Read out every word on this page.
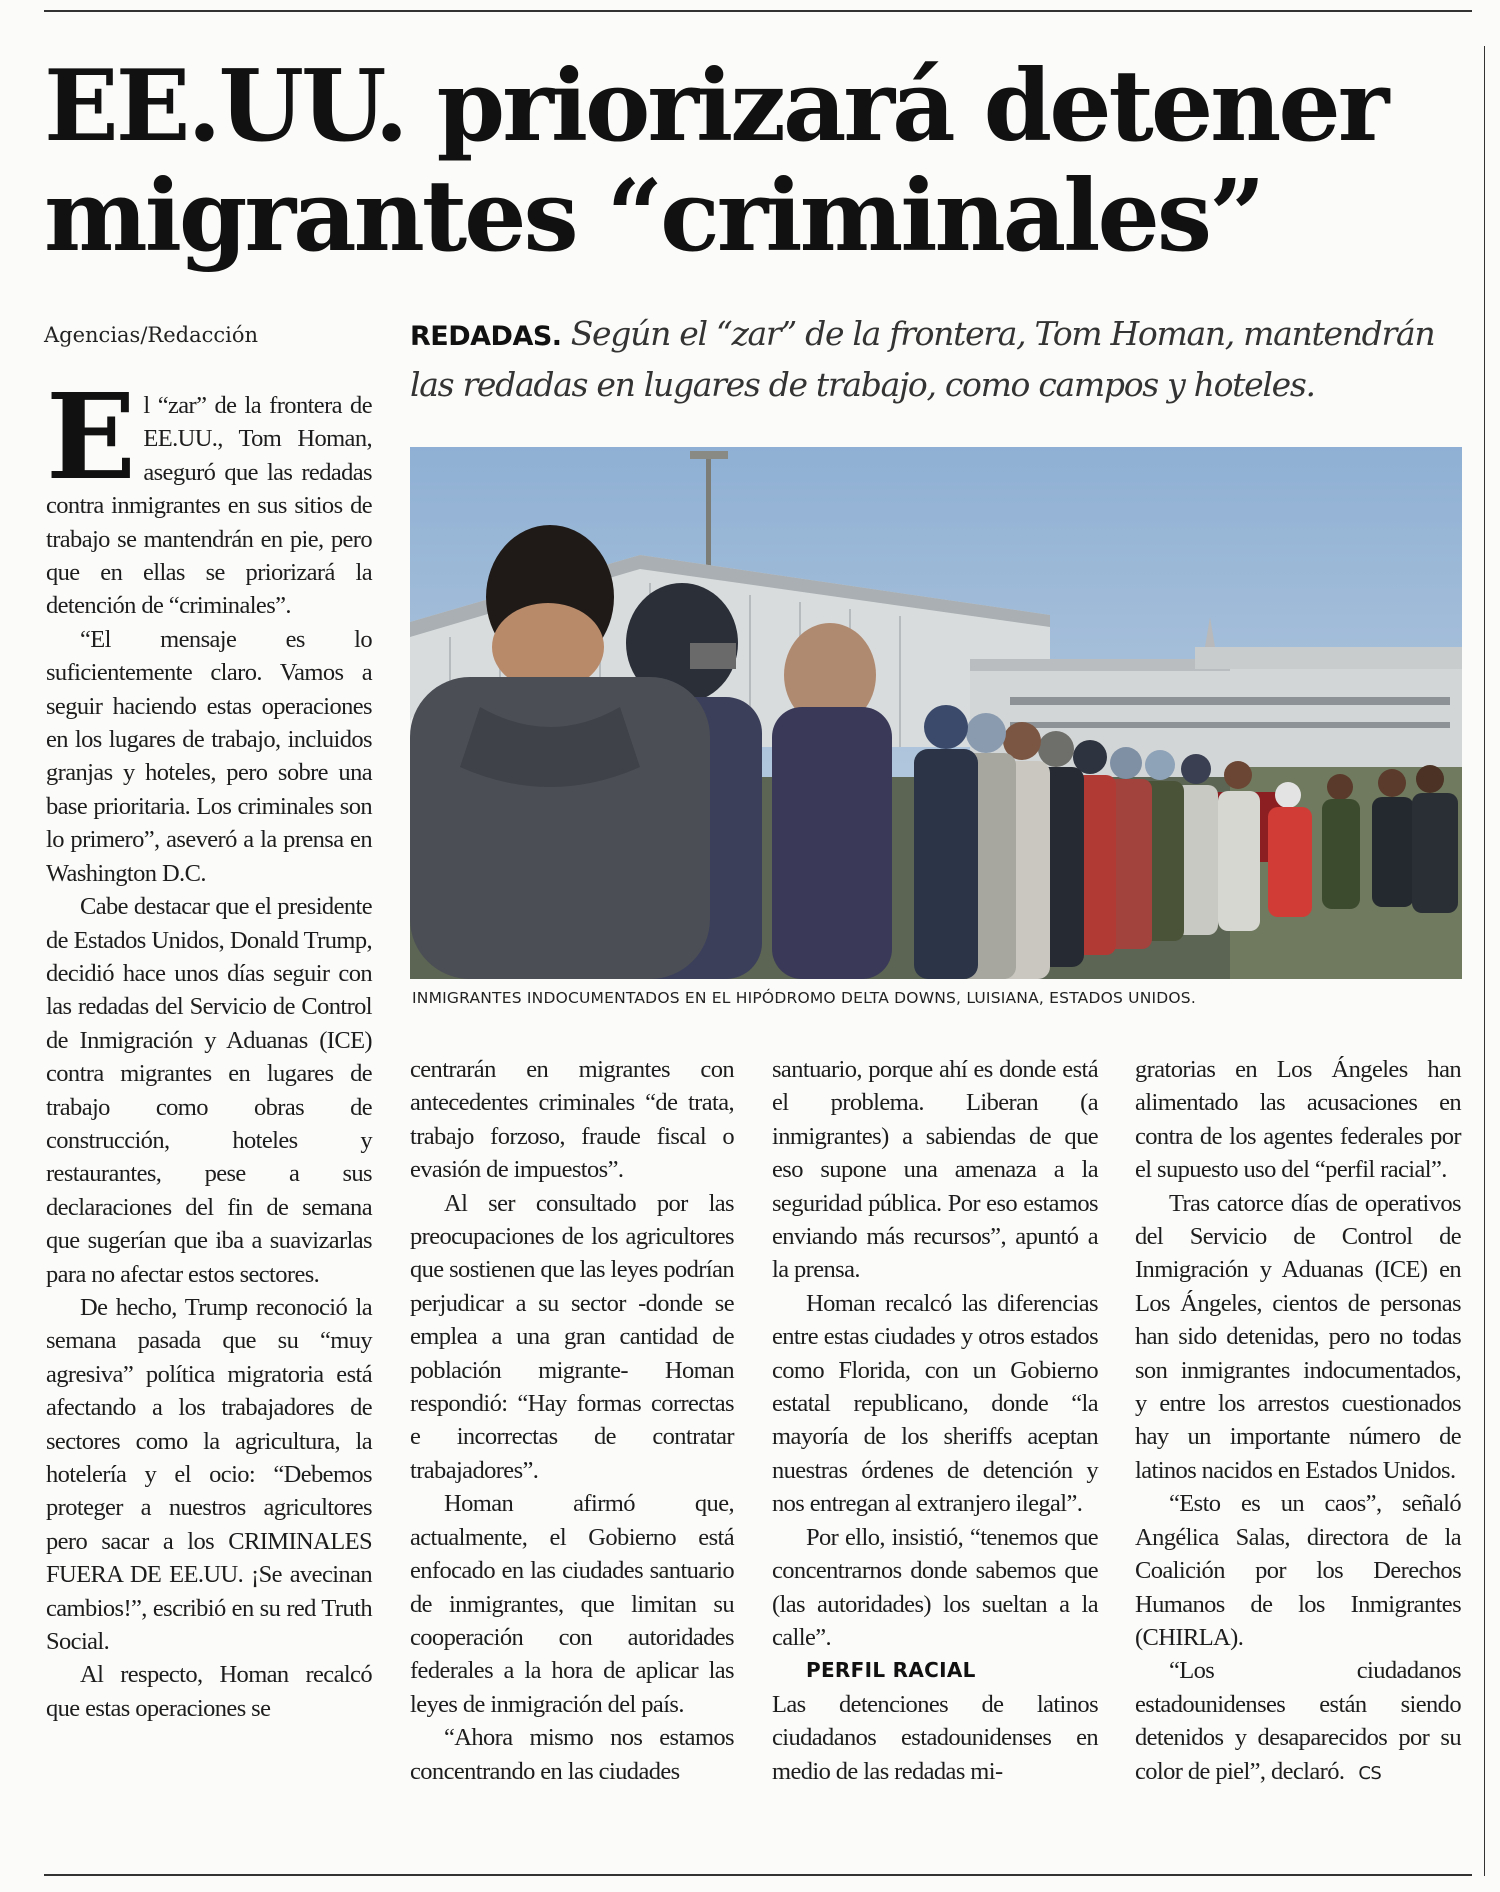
EE.UU. priorizará detener
migrantes “criminales”
Agencias/Redacción	REDADAS. Según el “zar” de la frontera, Tom Homan, mantendrán las redadas en lugares de trabajo, como campos y hoteles.
INMIGRANTES INDOCUMENTADOS EN EL HIPÓDROMO DELTA DOWNS, LUISIANA, ESTADOS UNIDOS.
E l “zar” de la frontera de EE.UU., Tom Homan, aseguró que las redadas contra inmigrantes en sus sitios de trabajo se mantendrán en pie, pero que en ellas se priorizará la detención de “criminales”.

“El mensaje es lo suficientemente claro. Vamos a seguir haciendo estas operaciones en los lugares de trabajo, incluidos granjas y hoteles, pero sobre una base prioritaria. Los criminales son lo primero”, aseveró a la prensa en Washington D.C.

Cabe destacar que el presidente de Estados Unidos, Donald Trump, decidió hace unos días seguir con las redadas del Servicio de Control de Inmigración y Aduanas (ICE) contra migrantes en lugares de trabajo como obras de construcción, hoteles y restaurantes, pese a sus declaraciones del fin de semana que sugerían que iba a suavizarlas para no afectar estos sectores.

De hecho, Trump reconoció la semana pasada que su “muy agresiva” política migratoria está afectando a los trabajadores de sectores como la agricultura, la hotelería y el ocio: “Debemos proteger a nuestros agricultores pero sacar a los CRIMINALES FUERA DE EE.UU. ¡Se avecinan cambios!”, escribió en su red Truth Social.

Al respecto, Homan recalcó que estas operaciones se

centrarán en migrantes con antecedentes criminales “de trata, trabajo forzoso, fraude fiscal o evasión de impuestos”.

Al ser consultado por las preocupaciones de los agricultores que sostienen que las leyes podrían perjudicar a su sector -donde se emplea a una gran cantidad de población migrante- Homan respondió: “Hay formas correctas e incorrectas de contratar trabajadores”.

Homan afirmó que, actualmente, el Gobierno está enfocado en las ciudades santuario de inmigrantes, que limitan su cooperación con autoridades federales a la hora de aplicar las leyes de inmigración del país.

“Ahora mismo nos estamos concentrando en las ciudades

santuario, porque ahí es donde está el problema. Liberan (a inmigrantes) a sabiendas de que eso supone una amenaza a la seguridad pública. Por eso estamos enviando más recursos”, apuntó a la prensa.

Homan recalcó las diferencias entre estas ciudades y otros estados como Florida, con un Gobierno estatal republicano, donde “la mayoría de los sheriffs aceptan nuestras órdenes de detención y nos entregan al extranjero ilegal”.

Por ello, insistió, “tenemos que concentrarnos donde sabemos que (las autoridades) los sueltan a la calle”.

PERFIL RACIAL

Las detenciones de latinos ciudadanos estadounidenses en medio de las redadas mi-

gratorias en Los Ángeles han alimentado las acusaciones en contra de los agentes federales por el supuesto uso del “perfil racial”.

Tras catorce días de operativos del Servicio de Control de Inmigración y Aduanas (ICE) en Los Ángeles, cientos de personas han sido detenidas, pero no todas son inmigrantes indocumentados, y entre los arrestos cuestionados hay un importante número de latinos nacidos en Estados Unidos.

“Esto es un caos”, señaló Angélica Salas, directora de la Coalición por los Derechos Humanos de los Inmigrantes (CHIRLA).

“Los ciudadanos estadounidenses están siendo detenidos y desaparecidos por su color de piel”, declaró. CS
